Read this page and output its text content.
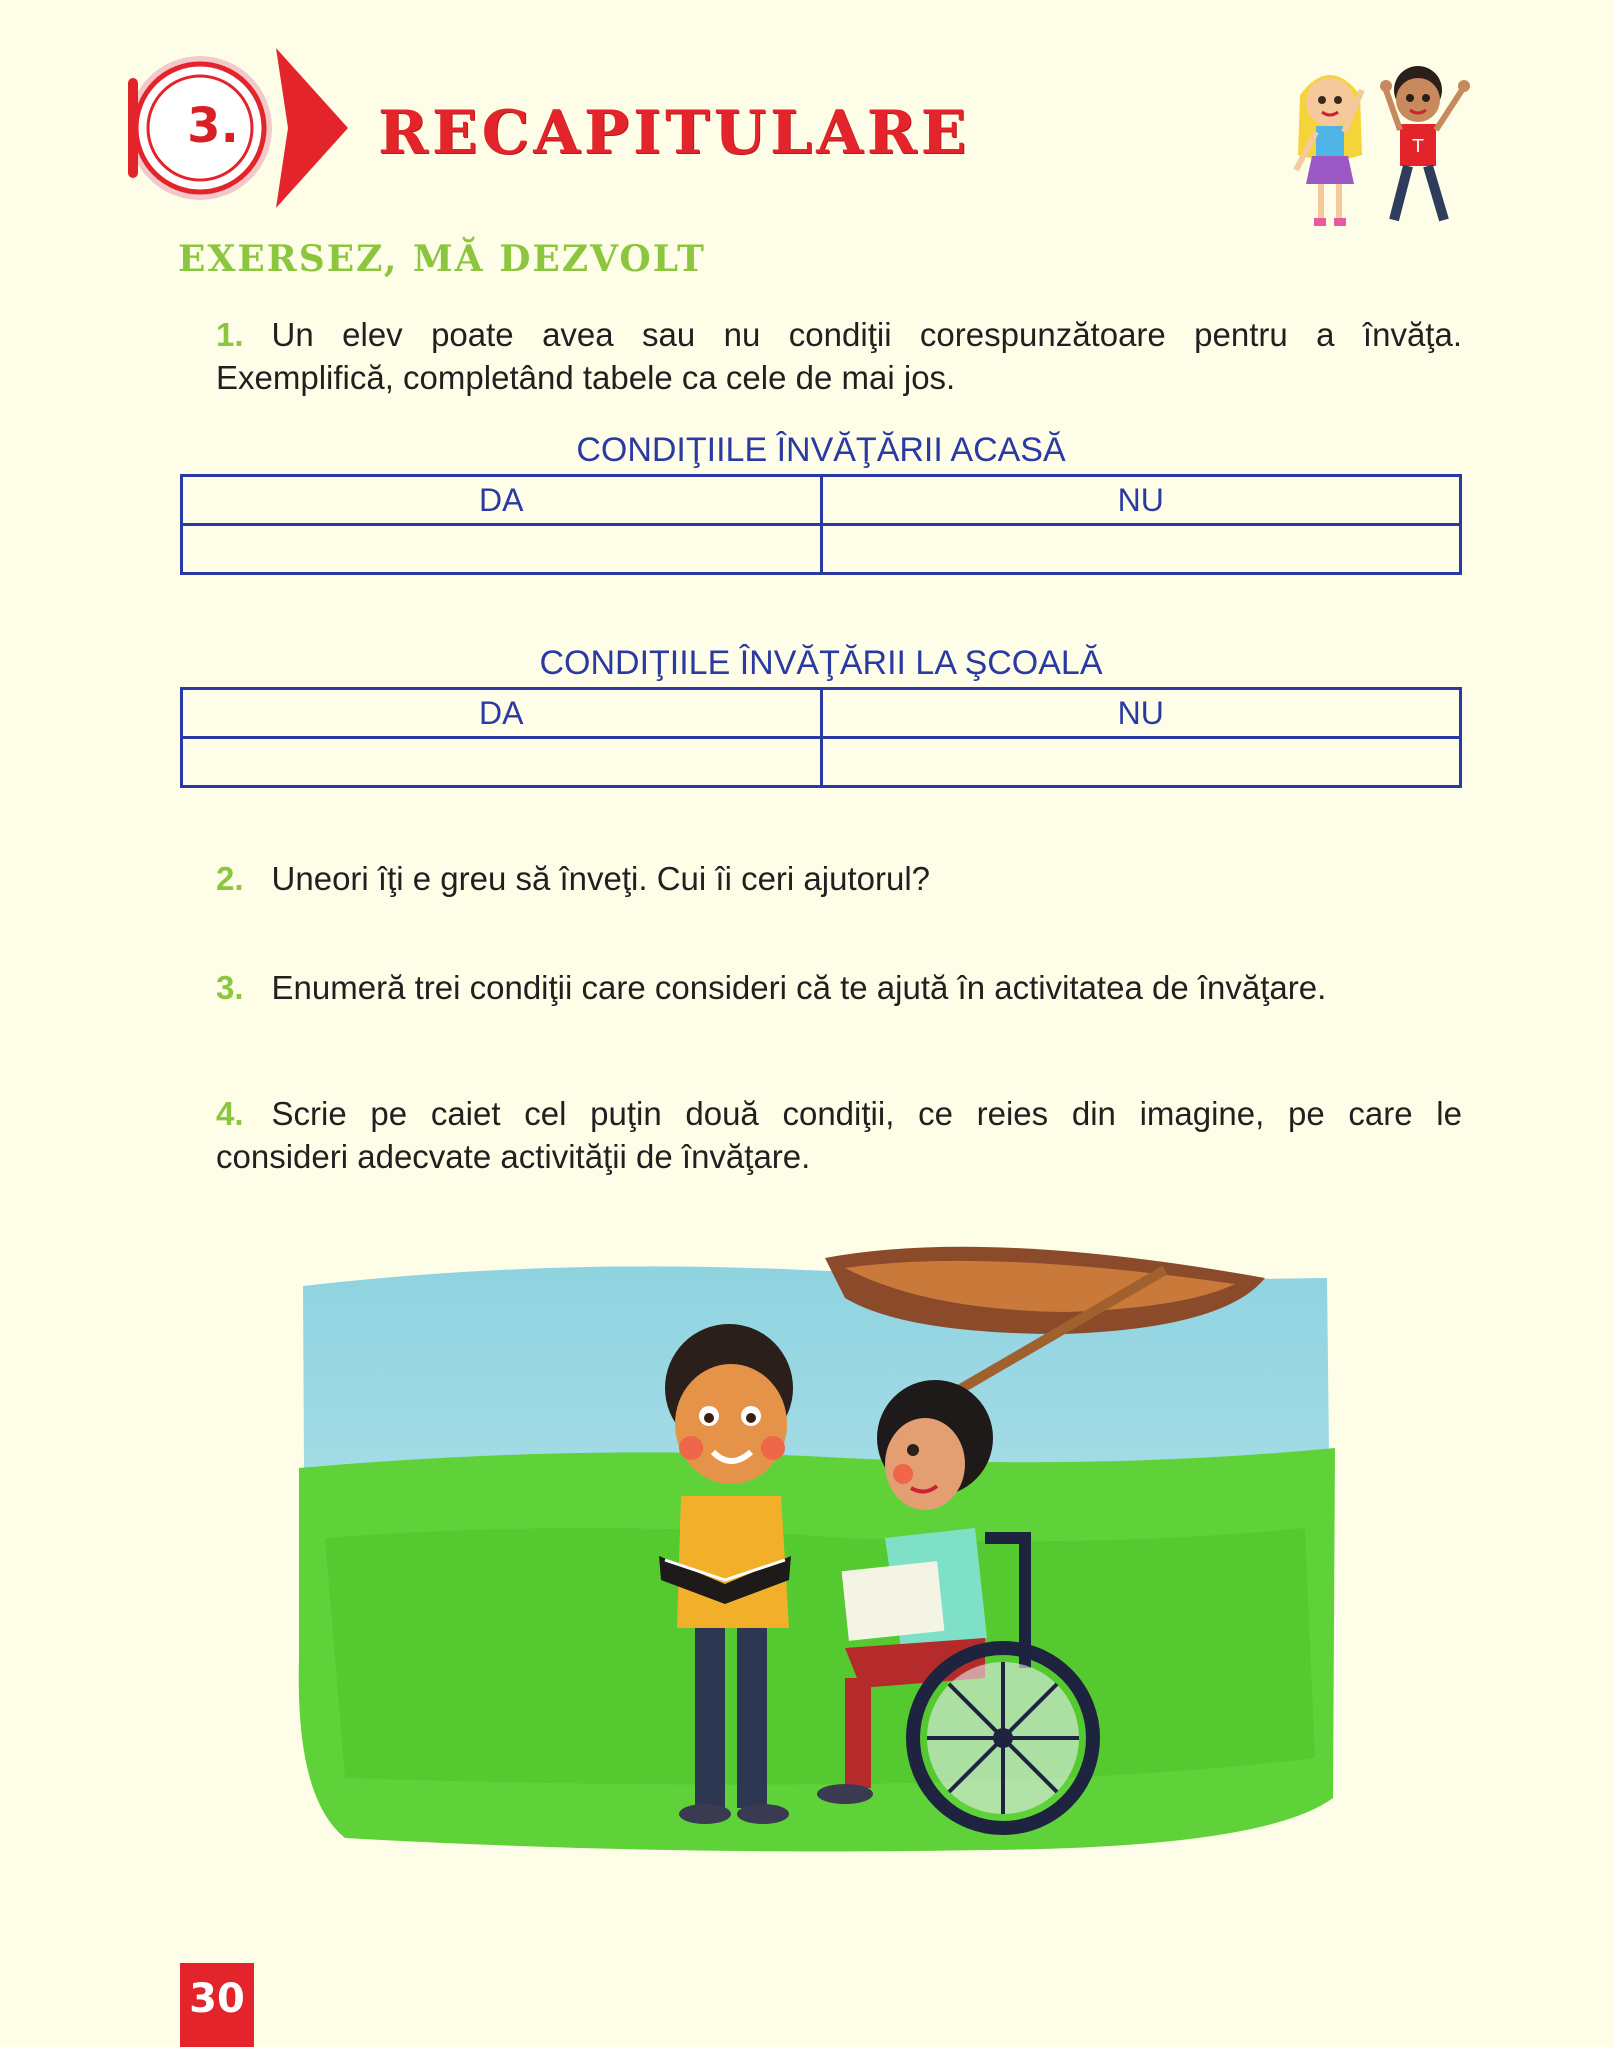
3.	RECAPITULARE	T
EXERSEZ, MĂ DEZVOLT
1. Un elev poate avea sau nu condiţii corespunzătoare pentru a învăţa.
Exemplifică, completând tabele ca cele de mai jos.
CONDIŢIILE ÎNVĂŢĂRII ACASĂ
DA	NU

CONDIŢIILE ÎNVĂŢĂRII LA ŞCOALĂ
DA	NU

2. Uneori îţi e greu să înveţi. Cui îi ceri ajutorul?
3. Enumeră trei condiţii care consideri că te ajută în activitatea de învăţare.
4. Scrie pe caiet cel puţin două condiţii, ce reies din imagine, pe care le
consideri adecvate activităţii de învăţare.
30
